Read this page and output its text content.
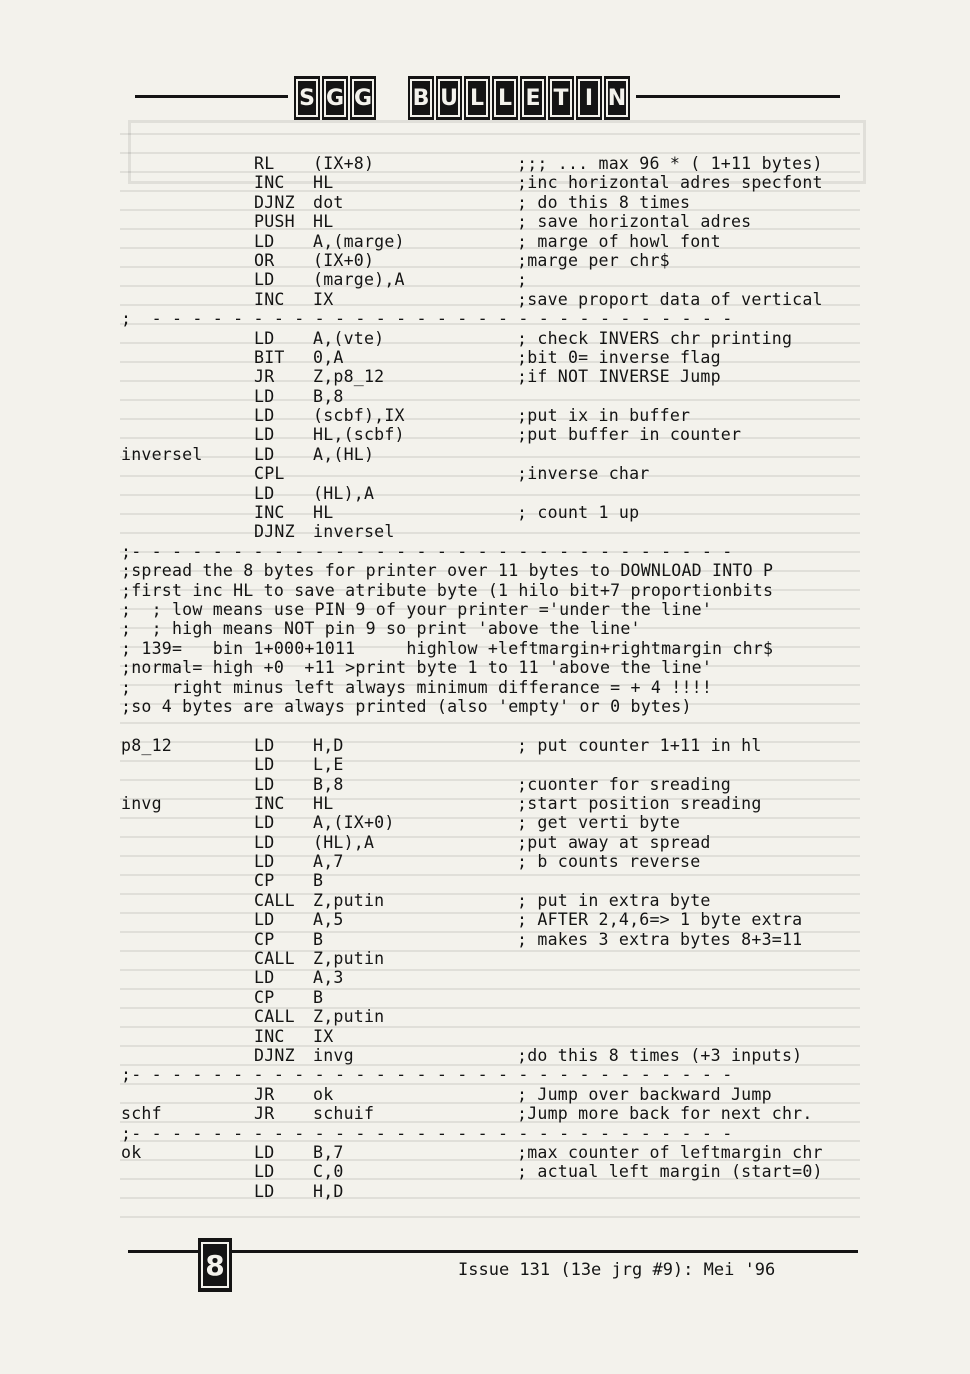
S G G B U L L E T I N
RL (IX+8)	;;; ... max 96 * ( 1+11 bytes)
INC HL	;inc horizontal adres specfont
DJNZ dot	; do this 8 times
PUSH HL	; save horizontal adres
LD A,(marge)	; marge of howl font
OR (IX+0)	;marge per chr$
LD (marge),A	;
INC IX	;save proport data of vertical
;  - - - - - - - - - - - - - - - - - - - - - - - - - - - - -
LD A,(vte)	; check INVERS chr printing
BIT 0,A	;bit 0= inverse flag
JR Z,p8_12	;if NOT INVERSE Jump
LD B,8
LD (scbf),IX	;put ix in buffer
LD HL,(scbf)	;put buffer in counter
inversel	LD A,(HL)
CPL	;inverse char
LD (HL),A
INC HL	; count 1 up
DJNZ inversel
;- - - - - - - - - - - - - - - - - - - - - - - - - - - - - -
;spread the 8 bytes for printer over 11 bytes to DOWNLOAD INTO P
;first inc HL to save atribute byte (1 hilo bit+7 proportionbits
;  ; low means use PIN 9 of your printer ='under the line'
;  ; high means NOT pin 9 so print 'above the line'
; 139=   bin 1+000+1011     highlow +leftmargin+rightmargin chr$
;normal= high +0  +11 >print byte 1 to 11 'above the line'
;    right minus left always minimum differance = + 4 !!!!
;so 4 bytes are always printed (also 'empty' or 0 bytes)
p8_12	LD H,D	; put counter 1+11 in hl
LD L,E
LD B,8	;cuonter for sreading
invg	INC HL	;start position sreading
LD A,(IX+0)	; get verti byte
LD (HL),A	;put away at spread
LD A,7	; b counts reverse
CP B
CALL Z,putin	; put in extra byte
LD A,5	; AFTER 2,4,6=> 1 byte extra
CP B	; makes 3 extra bytes 8+3=11
CALL Z,putin
LD A,3
CP B
CALL Z,putin
INC IX
DJNZ invg	;do this 8 times (+3 inputs)
;- - - - - - - - - - - - - - - - - - - - - - - - - - - - - -
JR ok	; Jump over backward Jump
schf	JR schuif	;Jump more back for next chr.
;- - - - - - - - - - - - - - - - - - - - - - - - - - - - - -
ok	LD B,7	;max counter of leftmargin chr
LD C,0	; actual left margin (start=0)
LD H,D
8	Issue 131 (13e jrg #9): Mei '96
